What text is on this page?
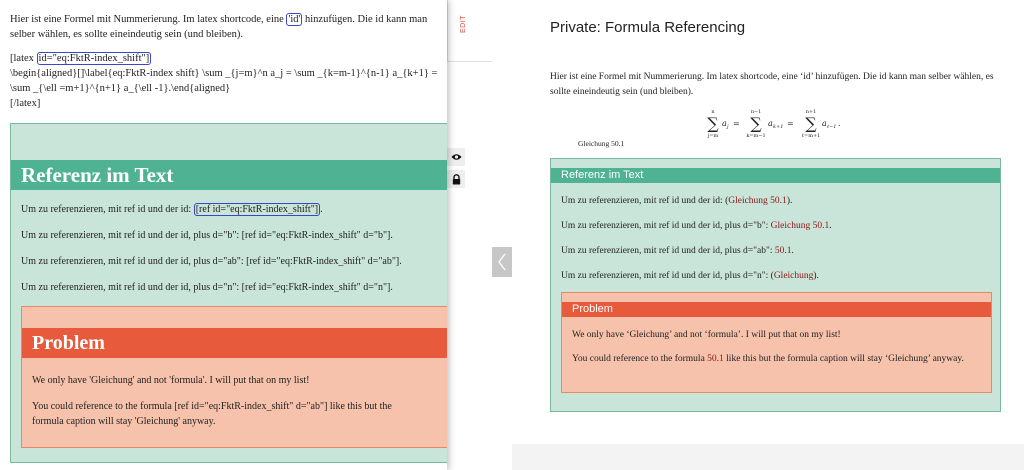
Hier ist eine Formel mit Nummerierung. Im latex shortcode, eine 'id' hinzufügen. Die id kann man
selber wählen, es sollte eineindeutig sein (und bleiben).
[latex id="eq:FktR-index_shift"]
\begin{aligned}[]\label{eq:FktR-index shift} \sum _{j=m}^n a_j = \sum _{k=m-1}^{n-1} a_{k+1} =
\sum _{\ell =m+1}^{n+1} a_{\ell -1}.\end{aligned}
[/latex]
Referenz im Text
Um zu referenzieren, mit ref id und der id: [ref id="eq:FktR-index_shift"] .
Um zu referenzieren, mit ref id und der id, plus d="b": [ref id="eq:FktR-index_shift" d="b"].
Um zu referenzieren, mit ref id und der id, plus d="ab": [ref id="eq:FktR-index_shift" d="ab"].
Um zu referenzieren, mit ref id und der id, plus d="n": [ref id="eq:FktR-index_shift" d="n"].
Problem
We only have 'Gleichung' and not 'formula'. I will put that on my list!
You could reference to the formula [ref id="eq:FktR-index_shift" d="ab"] like this but the
formula caption will stay 'Gleichung' anyway.
EDIT	Private: Formula Referencing
Hier ist eine Formel mit Nummerierung. Im latex shortcode, eine ‘id’ hinzufügen. Die id kann man selber wählen, es sollte eineindeutig sein (und bleiben).
n
∑
j=m
a j =
n−1
∑
k=m−1
a k+1 =
n+1
∑
ℓ=m+1
a ℓ−1 .
Gleichung 50.1
Referenz im Text
Um zu referenzieren, mit ref id und der id: (Gleichung 50.1).
Um zu referenzieren, mit ref id und der id, plus d="b": Gleichung 50.1.
Um zu referenzieren, mit ref id und der id, plus d="ab": 50.1.
Um zu referenzieren, mit ref id und der id, plus d="n": (Gleichung).
Problem
We only have ‘Gleichung’ and not ‘formula’. I will put that on my list!
You could reference to the formula 50.1 like this but the formula caption will stay ‘Gleichung’ anyway.
